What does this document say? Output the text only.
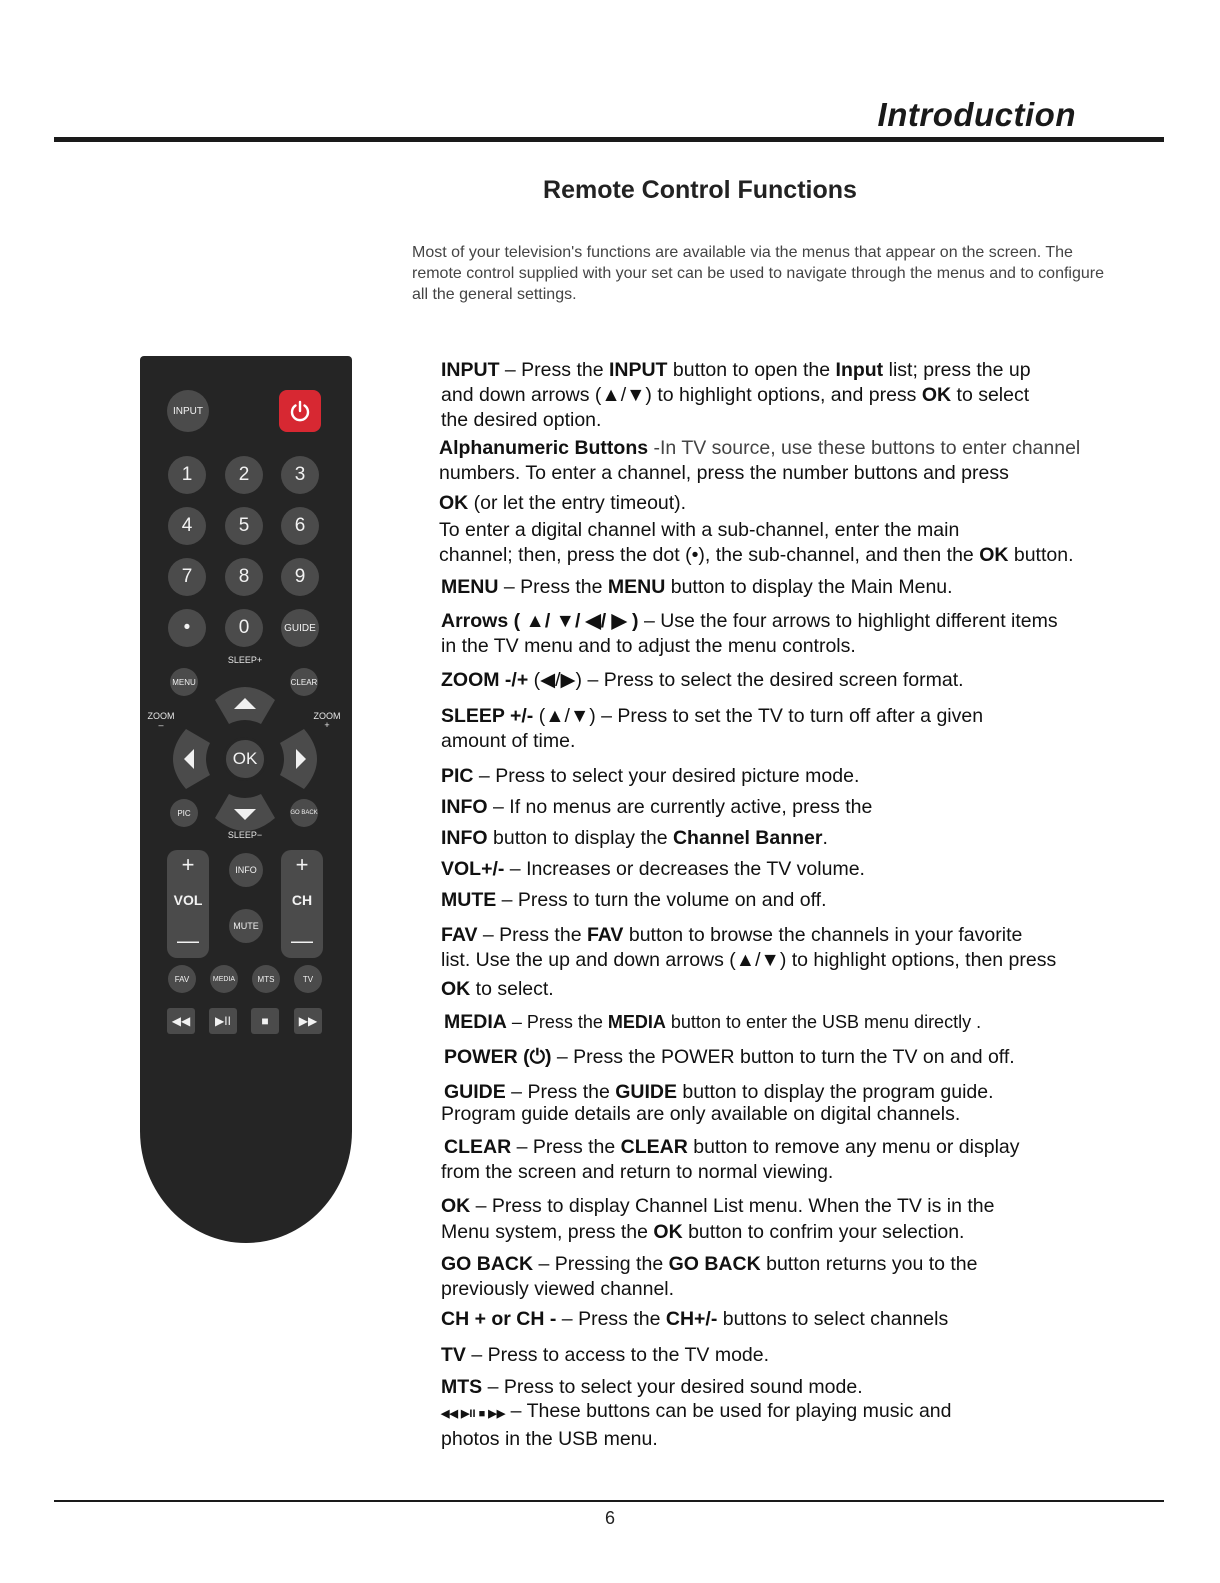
Introduction
Remote Control Functions
Most of your television's functions are available via the menus that appear on the screen. The remote control supplied with your set can be used to navigate through the menus and to configure all the general settings.
INPUT
1	2	3
4	5	6
7	8	9
•	0	GUIDE
SLEEP+
MENU	CLEAR
ZOOM
–
ZOOM
+
OK
PIC	GO BACK
SLEEP−
+
VOL
—
INFO
MUTE
+
CH
—
FAV	MEDIA	MTS	TV
◀◀	▶II	■	▶▶
INPUT – Press the INPUT button to open the Input list; press the up
and down arrows (▲/▼) to highlight options, and press OK to select
the desired option.
Alphanumeric Buttons -In TV source, use these buttons to enter channel
numbers. To enter a channel, press the number buttons and press
OK (or let the entry timeout).
To enter a digital channel with a sub-channel, enter the main
channel; then, press the dot (•), the sub-channel, and then the OK button.
MENU – Press the MENU button to display the Main Menu.
Arrows ( ▲/ ▼/ ◀/ ▶ ) – Use the four arrows to highlight different items
in the TV menu and to adjust the menu controls.
ZOOM -/+ (◀/▶) – Press to select the desired screen format.
SLEEP +/- (▲/▼) – Press to set the TV to turn off after a given
amount of time.
PIC – Press to select your desired picture mode.
INFO – If no menus are currently active, press the
INFO button to display the Channel Banner.
VOL+/- – Increases or decreases the TV volume.
MUTE – Press to turn the volume on and off.
FAV – Press the FAV button to browse the channels in your favorite
list. Use the up and down arrows (▲/▼) to highlight options, then press
OK to select.
MEDIA – Press the MEDIA button to enter the USB menu directly .
POWER (⏻) – Press the POWER button to turn the TV on and off.
GUIDE – Press the GUIDE button to display the program guide.
Program guide details are only available on digital channels.
CLEAR – Press the CLEAR button to remove any menu or display
from the screen and return to normal viewing.
OK – Press to display Channel List menu. When the TV is in the
Menu system, press the OK button to confrim your selection.
GO BACK – Pressing the GO BACK button returns you to the
previously viewed channel.
CH + or CH - – Press the CH+/- buttons to select channels
TV – Press to access to the TV mode.
MTS – Press to select your desired sound mode.
◀◀ ▶II ■ ▶▶ – These buttons can be used for playing music and
photos in the USB menu.
6
